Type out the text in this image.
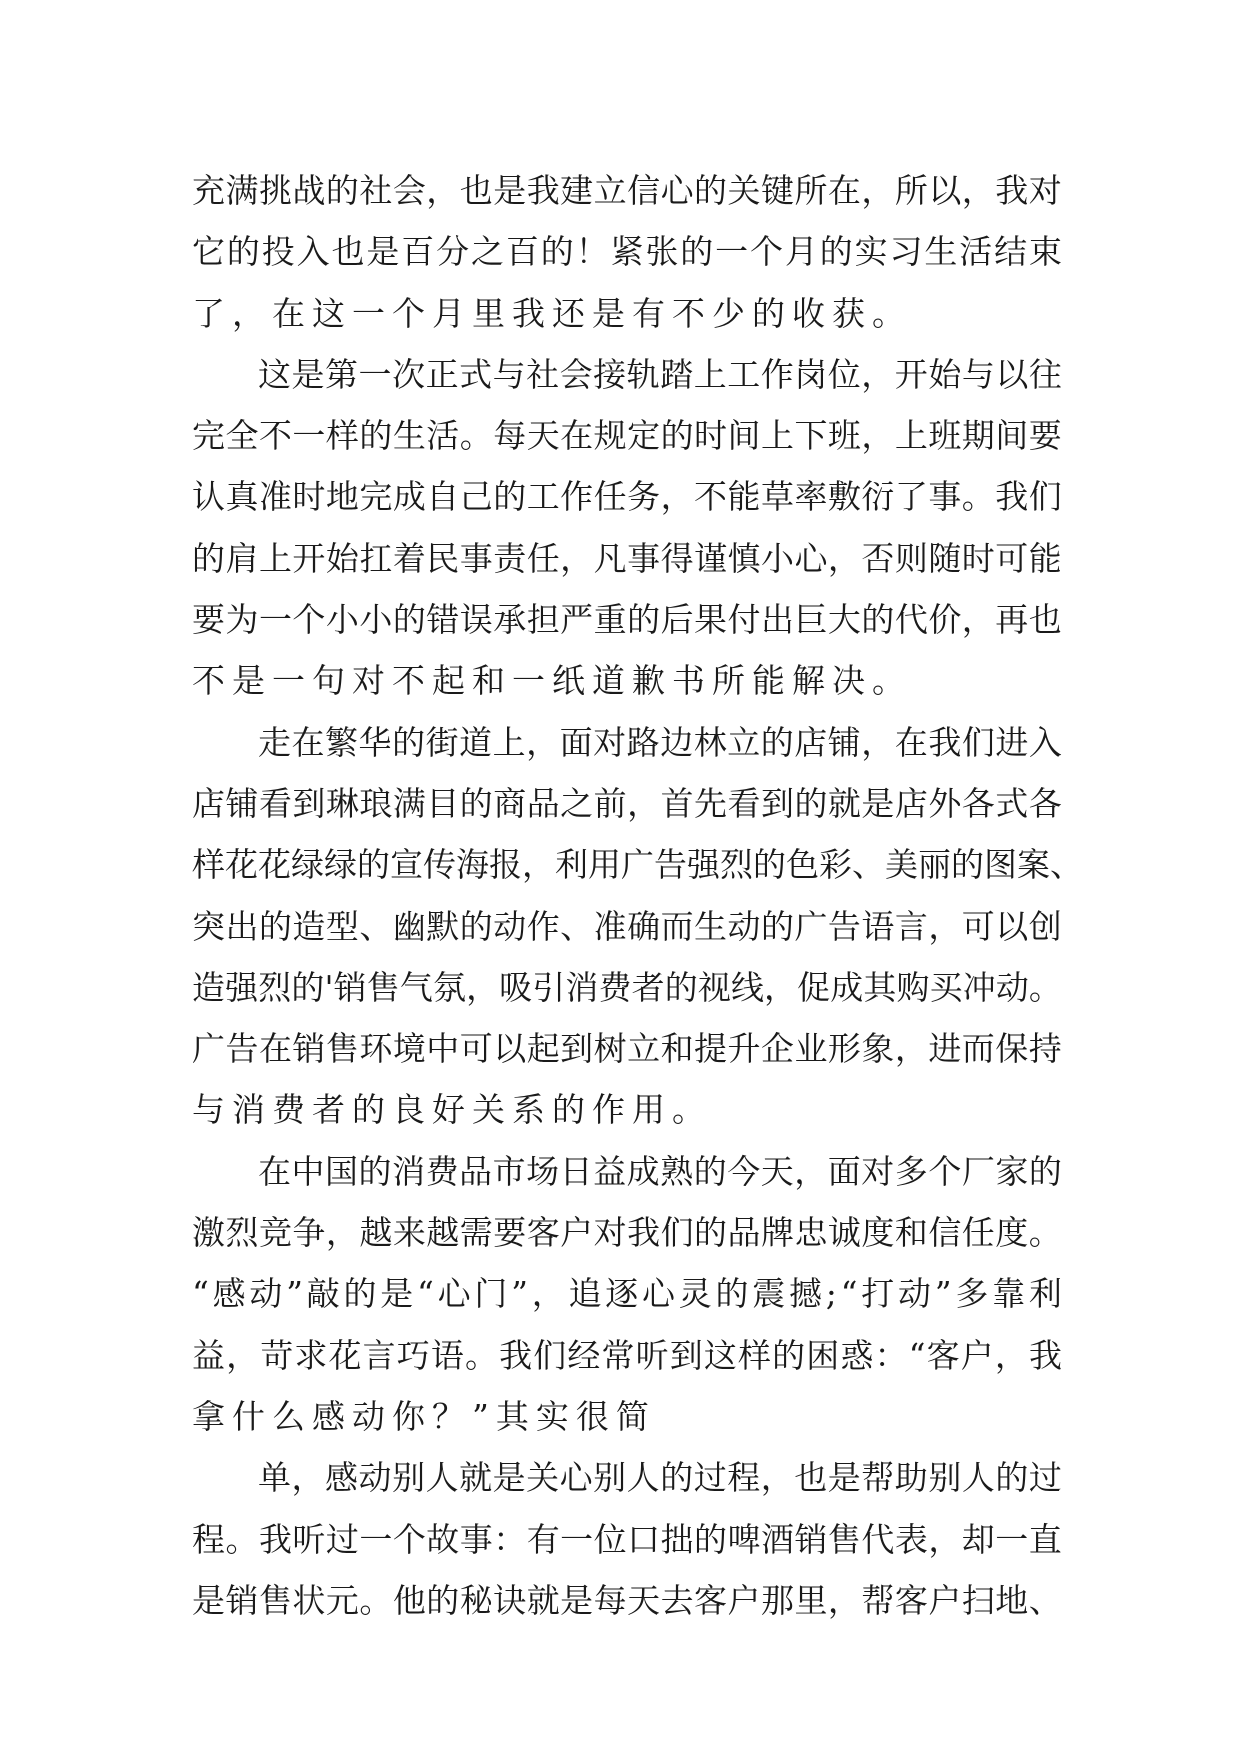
充 满 挑 战 的 社 会 ， 也 是 我 建 立 信 心 的 关 键 所 在 ， 所 以 ， 我 对
它 的 投 入 也 是 百 分 之 百 的 ！ 紧 张 的 一 个 月 的 实 习 生 活 结 束
了 ， 在 这 一 个 月 里 我 还 是 有 不 少 的 收 获 。
这 是 第 一 次 正 式 与 社 会 接 轨 踏 上 工 作 岗 位 ， 开 始 与 以 往
完 全 不 一 样 的 生 活 。 每 天 在 规 定 的 时 间 上 下 班 ， 上 班 期 间 要
认 真 准 时 地 完 成 自 己 的 工 作 任 务 ， 不 能 草 率 敷 衍 了 事 。 我 们
的 肩 上 开 始 扛 着 民 事 责 任 ， 凡 事 得 谨 慎 小 心 ， 否 则 随 时 可 能
要 为 一 个 小 小 的 错 误 承 担 严 重 的 后 果 付 出 巨 大 的 代 价 ， 再 也
不 是 一 句 对 不 起 和 一 纸 道 歉 书 所 能 解 决 。
走 在 繁 华 的 街 道 上 ， 面 对 路 边 林 立 的 店 铺 ， 在 我 们 进 入
店 铺 看 到 琳 琅 满 目 的 商 品 之 前 ， 首 先 看 到 的 就 是 店 外 各 式 各
样 花 花 绿 绿 的 宣 传 海 报 ， 利 用 广 告 强 烈 的 色 彩 、 美 丽 的 图 案 、
突 出 的 造 型 、 幽 默 的 动 作 、 准 确 而 生 动 的 广 告 语 言 ， 可 以 创
造 强 烈 的 ' 销 售 气 氛 ， 吸 引 消 费 者 的 视 线 ， 促 成 其 购 买 冲 动 。
广 告 在 销 售 环 境 中 可 以 起 到 树 立 和 提 升 企 业 形 象 ， 进 而 保 持
与 消 费 者 的 良 好 关 系 的 作 用 。
在 中 国 的 消 费 品 市 场 日 益 成 熟 的 今 天 ， 面 对 多 个 厂 家 的
激 烈 竞 争 ， 越 来 越 需 要 客 户 对 我 们 的 品 牌 忠 诚 度 和 信 任 度 。
“ 感 动 ” 敲 的 是 “ 心 门 ” ， 追 逐 心 灵 的 震 撼 ; “ 打 动 ” 多 靠 利
益 ， 苛 求 花 言 巧 语 。 我 们 经 常 听 到 这 样 的 困 惑 ： “ 客 户 ， 我
拿 什 么 感 动 你 ？ ” 其 实 很 简
单 ， 感 动 别 人 就 是 关 心 别 人 的 过 程 ， 也 是 帮 助 别 人 的 过
程 。 我 听 过 一 个 故 事 ： 有 一 位 口 拙 的 啤 酒 销 售 代 表 ， 却 一 直
是 销 售 状 元 。 他 的 秘 诀 就 是 每 天 去 客 户 那 里 ， 帮 客 户 扫 地 、
